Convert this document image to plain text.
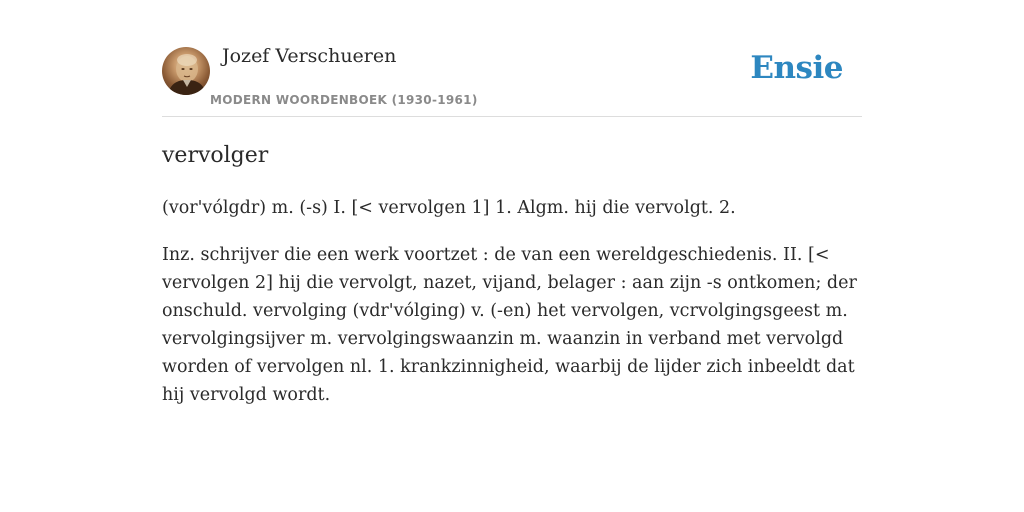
Jozef Verschueren
MODERN WOORDENBOEK (1930-1961)
Ensie
vervolger

(vor'vólgdr) m. (-s) I. [< vervolgen 1] 1. Algm. hij die vervolgt. 2.

Inz. schrijver die een werk voortzet : de van een wereldgeschiedenis. II. [< vervolgen 2] hij die vervolgt, nazet, vijand, belager : aan zijn -s ontkomen; der onschuld. vervolging (vdr'vólging) v. (-en) het vervolgen, vcrvolgingsgeest m. vervolgingsijver m. vervolgingswaanzin m. waanzin in verband met vervolgd worden of vervolgen nl. 1. krankzinnigheid, waarbij de lijder zich inbeeldt dat hij vervolgd wordt.
